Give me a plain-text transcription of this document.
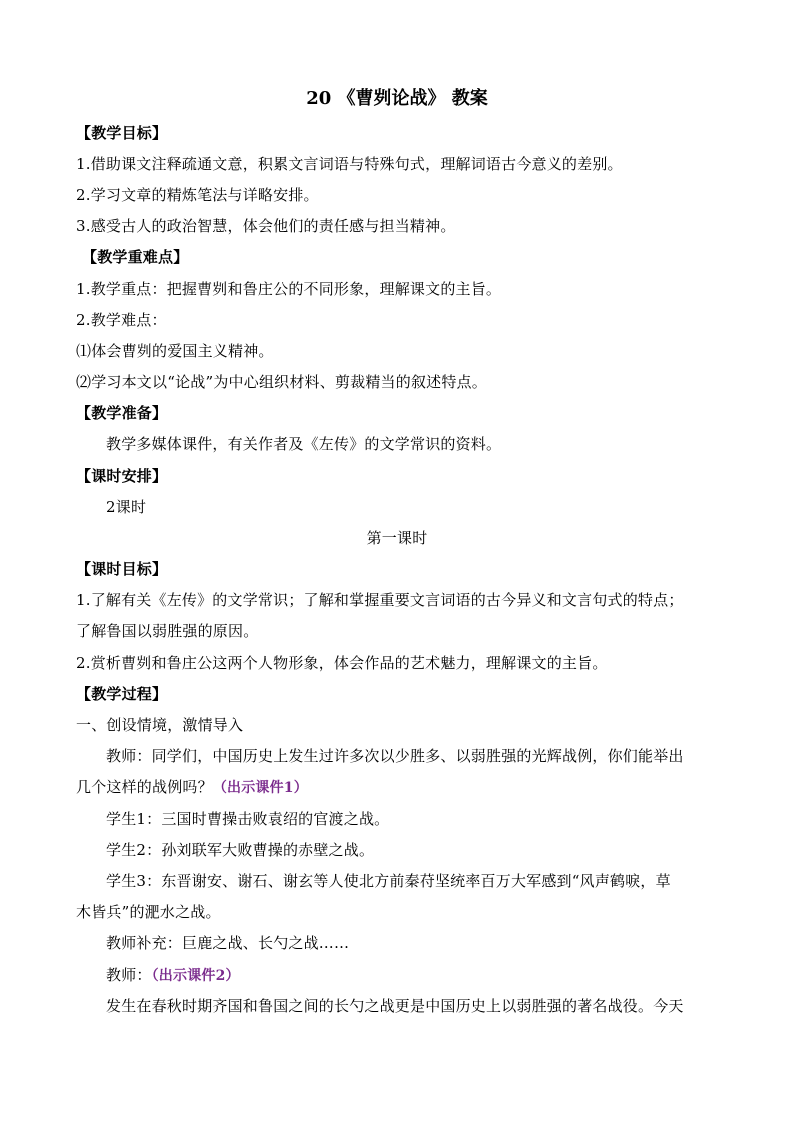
20 《曹刿论战》 教案
【教学目标】
1.借助课文注释疏通文意，积累文言词语与特殊句式，理解词语古今意义的差别。
2.学习文章的精炼笔法与详略安排。
3.感受古人的政治智慧，体会他们的责任感与担当精神。
【教学重难点】
1.教学重点：把握曹刿和鲁庄公的不同形象，理解课文的主旨。
2.教学难点：
⑴体会曹刿的爱国主义精神。
⑵学习本文以“论战”为中心组织材料、剪裁精当的叙述特点。
【教学准备】
教学多媒体课件，有关作者及《左传》的文学常识的资料。
【课时安排】
2课时
第一课时
【课时目标】
1.了解有关《左传》的文学常识；了解和掌握重要文言词语的古今异义和文言句式的特点；
了解鲁国以弱胜强的原因。
2.赏析曹刿和鲁庄公这两个人物形象，体会作品的艺术魅力，理解课文的主旨。
【教学过程】
一、创设情境，激情导入
教师：同学们，中国历史上发生过许多次以少胜多、以弱胜强的光辉战例，你们能举出
几个这样的战例吗？（出示课件1）
学生1：三国时曹操击败袁绍的官渡之战。
学生2：孙刘联军大败曹操的赤壁之战。
学生3：东晋谢安、谢石、谢玄等人使北方前秦苻坚统率百万大军感到“风声鹤唳，草
木皆兵”的淝水之战。
教师补充：巨鹿之战、长勺之战……
教师：（出示课件2）
发生在春秋时期齐国和鲁国之间的长勺之战更是中国历史上以弱胜强的著名战役。今天
